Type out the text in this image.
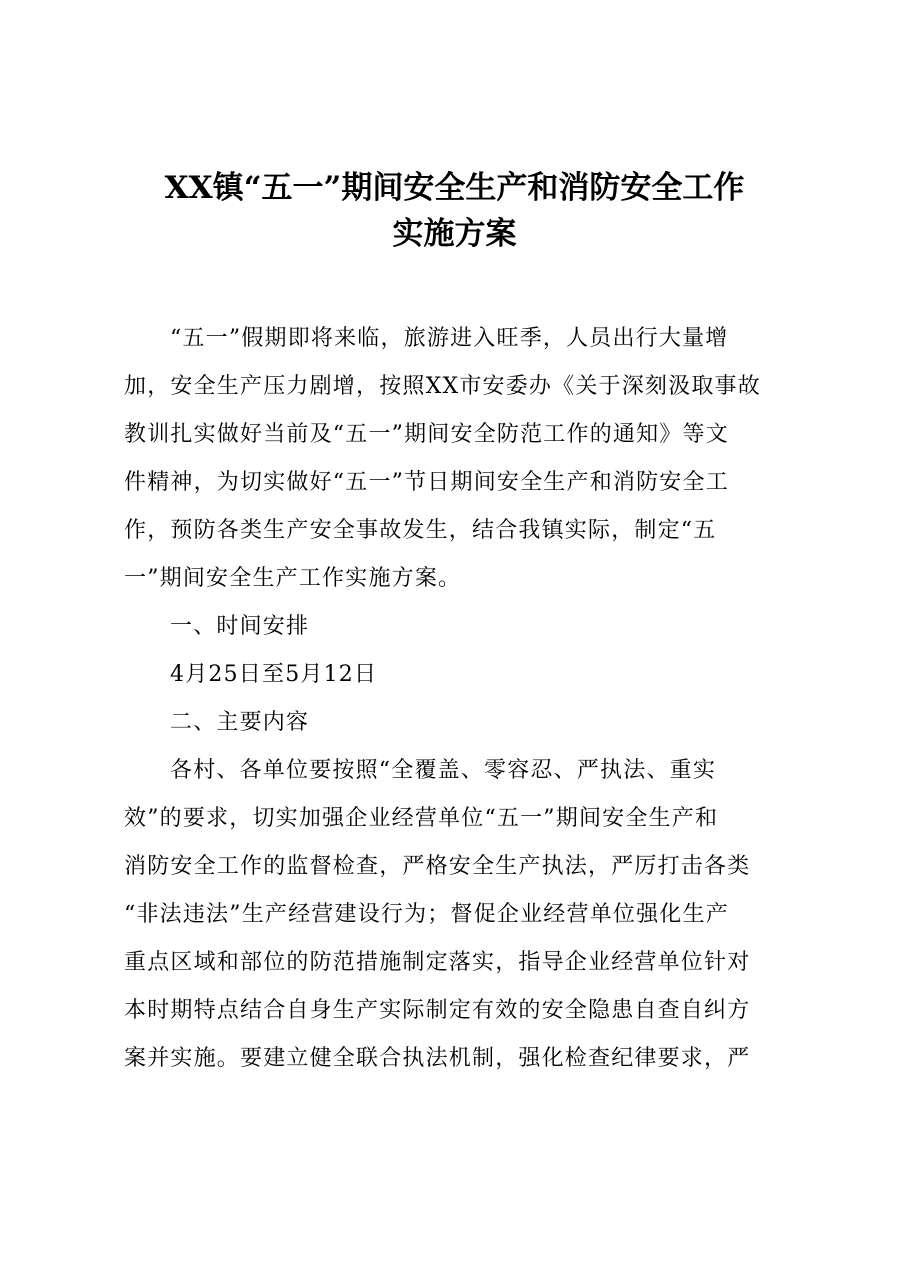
XX镇“五一”期间安全生产和消防安全工作
实施方案
“五一”假期即将来临，旅游进入旺季，人员出行大量增
加，安全生产压力剧增，按照XX市安委办《关于深刻汲取事故
教训扎实做好当前及“五一”期间安全防范工作的通知》等文
件精神，为切实做好“五一”节日期间安全生产和消防安全工
作，预防各类生产安全事故发生，结合我镇实际，制定“五
一”期间安全生产工作实施方案。
一、时间安排
4月25日至5月12日
二、主要内容
各村、各单位要按照“全覆盖、零容忍、严执法、重实
效”的要求，切实加强企业经营单位“五一”期间安全生产和
消防安全工作的监督检查，严格安全生产执法，严厉打击各类
“非法违法”生产经营建设行为；督促企业经营单位强化生产
重点区域和部位的防范措施制定落实，指导企业经营单位针对
本时期特点结合自身生产实际制定有效的安全隐患自查自纠方
案并实施。要建立健全联合执法机制，强化检查纪律要求，严
